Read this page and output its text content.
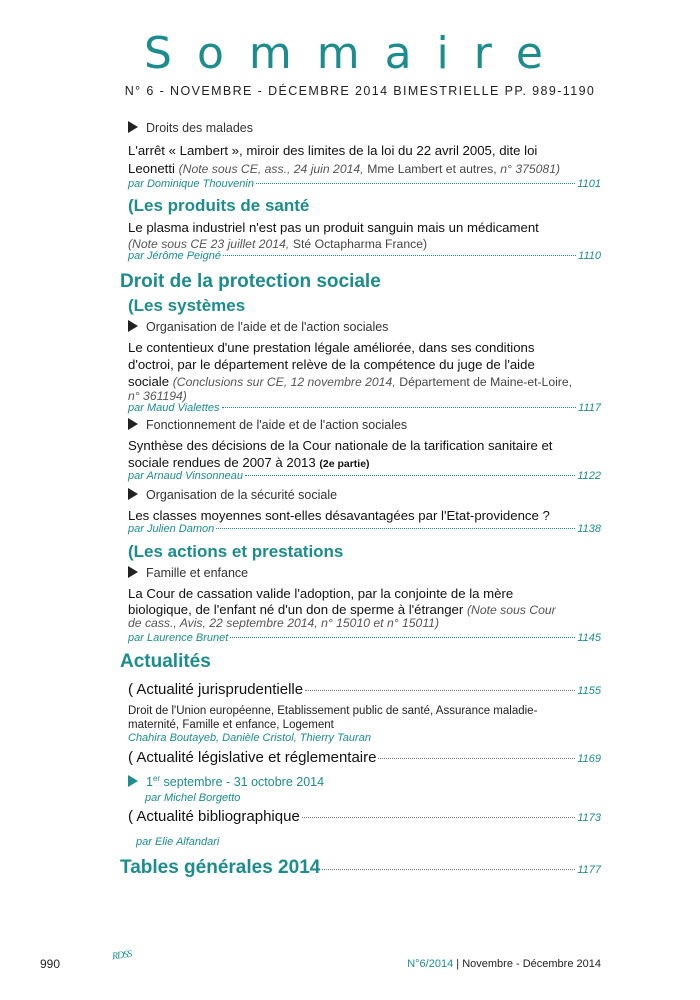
Sommaire
N° 6 - NOVEMBRE - DÉCEMBRE 2014 BIMESTRIELLE PP. 989-1190
Droits des malades
L'arrêt « Lambert », miroir des limites de la loi du 22 avril 2005, dite loi
Leonetti (Note sous CE, ass., 24 juin 2014, Mme Lambert et autres, n° 375081)
par Dominique Thouvenin	1101
(Les produits de santé
Le plasma industriel n'est pas un produit sanguin mais un médicament
(Note sous CE 23 juillet 2014, Sté Octapharma France)
par Jérôme Peigné	1110
Droit de la protection sociale
(Les systèmes
Organisation de l'aide et de l'action sociales
Le contentieux d'une prestation légale améliorée, dans ses conditions
d'octroi, par le département relève de la compétence du juge de l'aide
sociale (Conclusions sur CE, 12 novembre 2014, Département de Maine-et-Loire,
n° 361194)
par Maud Vialettes	1117
Fonctionnement de l'aide et de l'action sociales
Synthèse des décisions de la Cour nationale de la tarification sanitaire et
sociale rendues de 2007 à 2013 (2e partie)
par Arnaud Vinsonneau	1122
Organisation de la sécurité sociale
Les classes moyennes sont-elles désavantagées par l'Etat-providence ?
par Julien Damon	1138
(Les actions et prestations
Famille et enfance
La Cour de cassation valide l'adoption, par la conjointe de la mère
biologique, de l'enfant né d'un don de sperme à l'étranger (Note sous Cour
de cass., Avis, 22 septembre 2014, n° 15010 et n° 15011)
par Laurence Brunet	1145
Actualités
( Actualité jurisprudentielle	1155
Droit de l'Union européenne, Etablissement public de santé, Assurance maladie-
maternité, Famille et enfance, Logement
Chahira Boutayeb, Danièle Cristol, Thierry Tauran
( Actualité législative et réglementaire	1169
1er septembre - 31 octobre 2014
par Michel Borgetto
( Actualité bibliographique	1173
par Elie Alfandari
Tables générales 2014	1177
990
RDSS
N°6/2014 | Novembre - Décembre 2014
